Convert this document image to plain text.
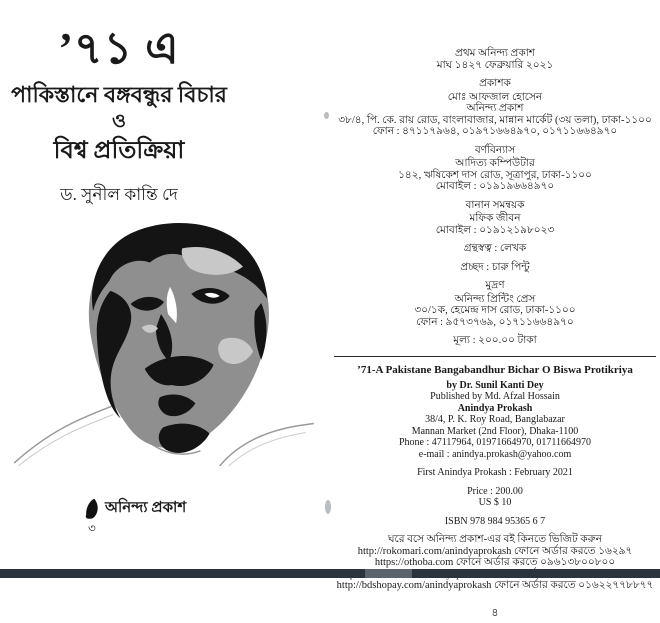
’৭১ এ
পাকিস্তানে বঙ্গবন্ধুর বিচার
ও
বিশ্ব প্রতিক্রিয়া
ড. সুনীল কান্তি দে
অনিন্দ্য প্রকাশ
৩
প্রথম অনিন্দ্য প্রকাশ
মাঘ ১৪২৭ ফেব্রুয়ারি ২০২১
প্রকাশক
মোঃ আফজাল হোসেন
অনিন্দ্য প্রকাশ
৩৮/৪, পি. কে. রায় রোড, বাংলাবাজার, মান্নান মার্কেট (৩য় তলা), ঢাকা-১১০০
ফোন : ৪৭১১৭৯৬৪, ০১৯৭১৬৬৪৯৭০, ০১৭১১৬৬৪৯৭০
বর্ণবিন্যাস
আদিত্য কম্পিউটার
১৪২, ঋষিকেশ দাস রোড, সূত্রাপুর, ঢাকা-১১০০
মোবাইল : ০১৯১৯৬৬৪৯৭০
বানান সমন্বয়ক
মফিক জীবন
মোবাইল : ০১৯১২১৯৮০২৩
গ্রন্থস্বত্ব : লেখক
প্রচ্ছদ : চারু পিন্টু
মুদ্রণ
অনিন্দ্য প্রিন্টিং প্রেস
৩০/১ক, হেমেন্দ্র দাস রোড, ঢাকা-১১০০
ফোন : ৯৫৭৩৭৬৯, ০১৭১১৬৬৪৯৭০
মূল্য : ২০০.০০ টাকা
’71-A Pakistane Bangabandhur Bichar O Biswa Protikriya
by Dr. Sunil Kanti Dey
Published by Md. Afzal Hossain
Anindya Prokash
38/4, P. K. Roy Road, Banglabazar
Mannan Market (2nd Floor), Dhaka-1100
Phone : 47117964, 01971664970, 01711664970
e-mail : anindya.prokash@yahoo.com
First Anindya Prokash : February 2021
Price : 200.00
US $ 10
ISBN 978 984 95365 6 7
ঘরে বসে অনিন্দ্য প্রকাশ-এর বই কিনতে ভিজিট করুন
http://rokomari.com/anindyaprokash ফোনে অর্ডার করতে ১৬২৯৭
https://othoba.com ফোনে অর্ডার করতে ০৯৬১৩৮০০৮০০
http://bdshopay.com/anindyaprokash ফোনে অর্ডার করতে ০১৬২২৭৭৮৮৭৭
৪
